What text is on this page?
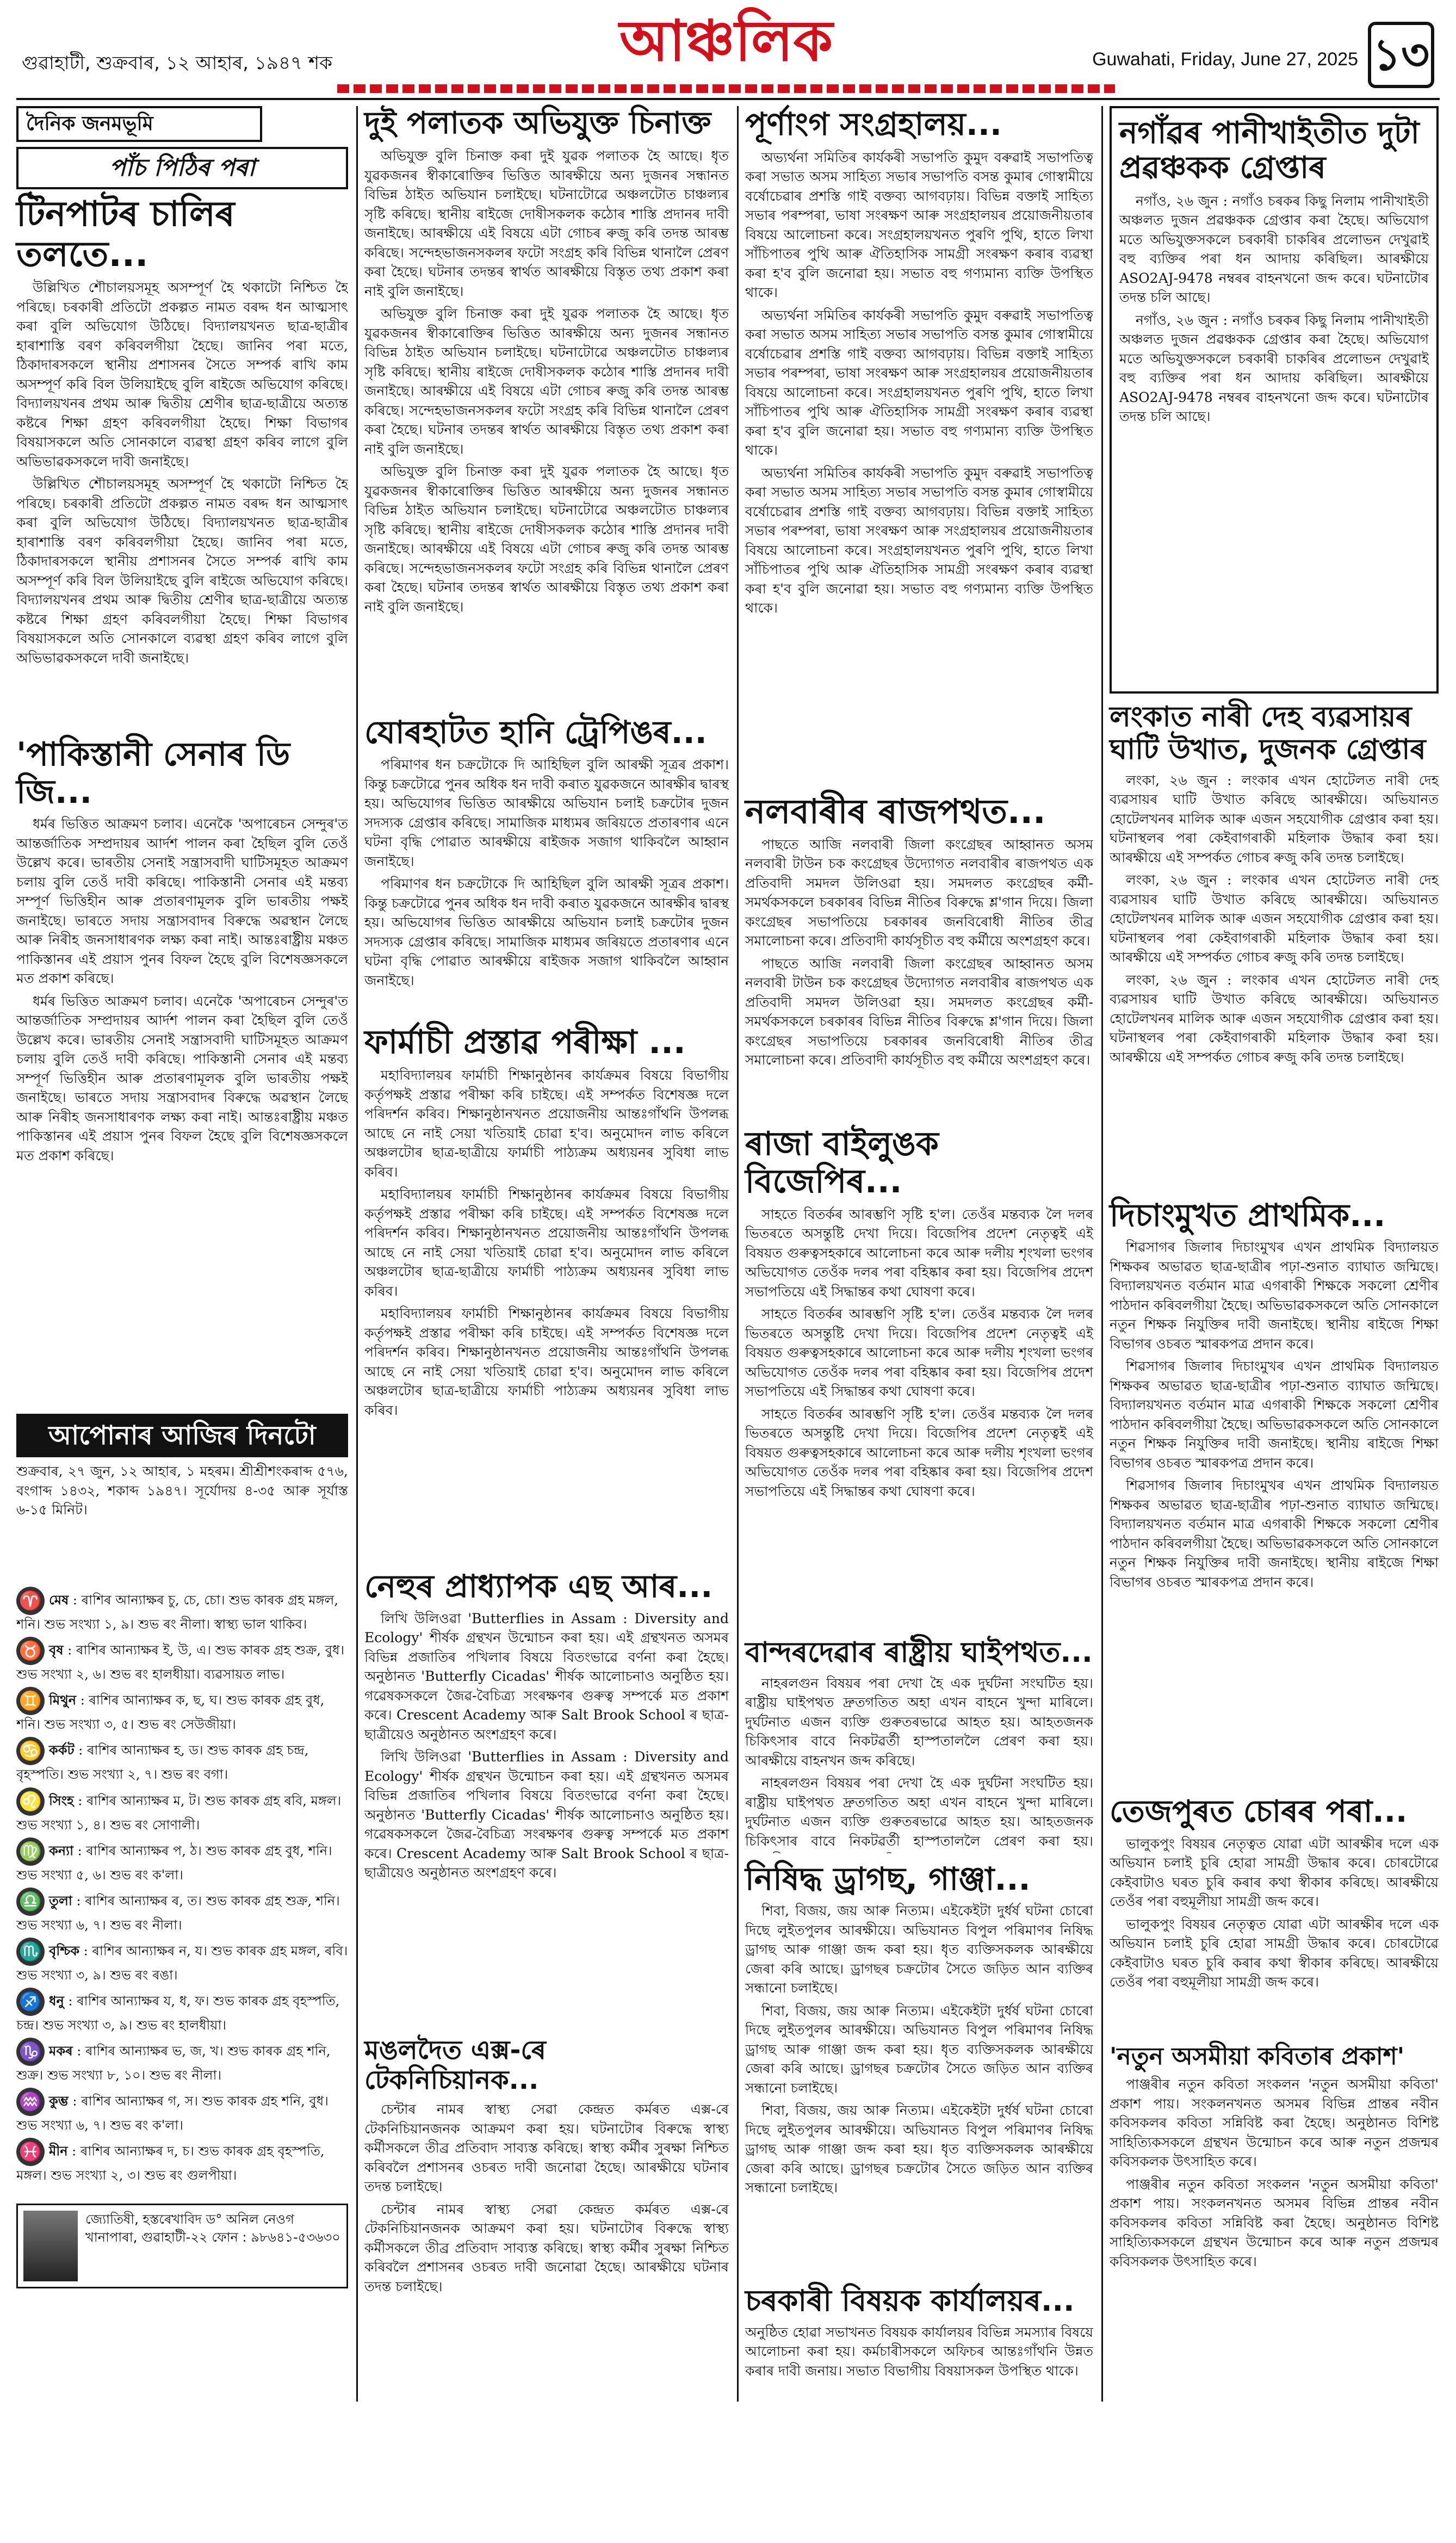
গুৱাহাটী, শুক্ৰবাৰ, ১২ আহাৰ, ১৯৪৭ শক	আঞ্চলিক	Guwahati, Friday, June 27, 2025 ১৩
দৈনিক জনমভূমি
পাঁচ পিঠিৰ পৰা
টিনপাটৰ চালিৰ তলতে...

উল্লিখিত শৌচালয়সমূহ অসম্পূৰ্ণ হৈ থকাটো নিশ্চিত হৈ পৰিছে। চৰকাৰী প্ৰতিটো প্ৰকল্পত নামত বৰদ্দ ধন আত্মসাৎ কৰা বুলি অভিযোগ উঠিছে। বিদ্যালয়খনত ছাত্ৰ-ছাত্ৰীৰ হাৰাশাস্তি বৰণ কৰিবলগীয়া হৈছে। জানিব পৰা মতে, ঠিকাদাৰসকলে স্থানীয় প্ৰশাসনৰ সৈতে সম্পৰ্ক ৰাখি কাম অসম্পূৰ্ণ কৰি বিল উলিয়াইছে বুলি ৰাইজে অভিযোগ কৰিছে। বিদ্যালয়খনৰ প্ৰথম আৰু দ্বিতীয় শ্ৰেণীৰ ছাত্ৰ-ছাত্ৰীয়ে অত্যন্ত কষ্টৰে শিক্ষা গ্ৰহণ কৰিবলগীয়া হৈছে। শিক্ষা বিভাগৰ বিষয়াসকলে অতি সোনকালে ব্যৱস্থা গ্ৰহণ কৰিব লাগে বুলি অভিভাৱকসকলে দাবী জনাইছে।

উল্লিখিত শৌচালয়সমূহ অসম্পূৰ্ণ হৈ থকাটো নিশ্চিত হৈ পৰিছে। চৰকাৰী প্ৰতিটো প্ৰকল্পত নামত বৰদ্দ ধন আত্মসাৎ কৰা বুলি অভিযোগ উঠিছে। বিদ্যালয়খনত ছাত্ৰ-ছাত্ৰীৰ হাৰাশাস্তি বৰণ কৰিবলগীয়া হৈছে। জানিব পৰা মতে, ঠিকাদাৰসকলে স্থানীয় প্ৰশাসনৰ সৈতে সম্পৰ্ক ৰাখি কাম অসম্পূৰ্ণ কৰি বিল উলিয়াইছে বুলি ৰাইজে অভিযোগ কৰিছে। বিদ্যালয়খনৰ প্ৰথম আৰু দ্বিতীয় শ্ৰেণীৰ ছাত্ৰ-ছাত্ৰীয়ে অত্যন্ত কষ্টৰে শিক্ষা গ্ৰহণ কৰিবলগীয়া হৈছে। শিক্ষা বিভাগৰ বিষয়াসকলে অতি সোনকালে ব্যৱস্থা গ্ৰহণ কৰিব লাগে বুলি অভিভাৱকসকলে দাবী জনাইছে।

'পাকিস্তানী সেনাৰ ডি জি...

ধৰ্মৰ ভিত্তিত আক্ৰমণ চলাব। এনেকৈ 'অপাৰেচন সেন্দুৰ'ত আন্তৰ্জাতিক সম্প্ৰদায়ৰ আৰ্দশ পালন কৰা হৈছিল বুলি তেওঁ উল্লেখ কৰে। ভাৰতীয় সেনাই সন্ত্ৰাসবাদী ঘাটিসমূহত আক্ৰমণ চলায় বুলি তেওঁ দাবী কৰিছে। পাকিস্তানী সেনাৰ এই মন্তব্য সম্পূৰ্ণ ভিত্তিহীন আৰু প্ৰতাৰণামূলক বুলি ভাৰতীয় পক্ষই জনাইছে। ভাৰতে সদায় সন্ত্ৰাসবাদৰ বিৰুদ্ধে অৱস্থান লৈছে আৰু নিৰীহ জনসাধাৰণক লক্ষ্য কৰা নাই। আন্তঃৰাষ্ট্ৰীয় মঞ্চত পাকিস্তানৰ এই প্ৰয়াস পুনৰ বিফল হৈছে বুলি বিশেষজ্ঞসকলে মত প্ৰকাশ কৰিছে।

ধৰ্মৰ ভিত্তিত আক্ৰমণ চলাব। এনেকৈ 'অপাৰেচন সেন্দুৰ'ত আন্তৰ্জাতিক সম্প্ৰদায়ৰ আৰ্দশ পালন কৰা হৈছিল বুলি তেওঁ উল্লেখ কৰে। ভাৰতীয় সেনাই সন্ত্ৰাসবাদী ঘাটিসমূহত আক্ৰমণ চলায় বুলি তেওঁ দাবী কৰিছে। পাকিস্তানী সেনাৰ এই মন্তব্য সম্পূৰ্ণ ভিত্তিহীন আৰু প্ৰতাৰণামূলক বুলি ভাৰতীয় পক্ষই জনাইছে। ভাৰতে সদায় সন্ত্ৰাসবাদৰ বিৰুদ্ধে অৱস্থান লৈছে আৰু নিৰীহ জনসাধাৰণক লক্ষ্য কৰা নাই। আন্তঃৰাষ্ট্ৰীয় মঞ্চত পাকিস্তানৰ এই প্ৰয়াস পুনৰ বিফল হৈছে বুলি বিশেষজ্ঞসকলে মত প্ৰকাশ কৰিছে।

আপোনাৰ আজিৰ দিনটো
শুক্ৰবাৰ, ২৭ জুন, ১২ আহাৰ, ১ মহৰম। শ্ৰীশ্ৰীশংকৰাব্দ ৫৭৬, বংগাব্দ ১৪৩২, শকাব্দ ১৯৪৭। সূৰ্যোদয় ৪-৩৫ আৰু সূৰ্যাস্ত ৬-১৫ মিনিট।
♈ মেষ : ৰাশিৰ আন্যাক্ষৰ চু, চে, চো। শুভ কাৰক গ্ৰহ মঙ্গল, শনি। শুভ সংখ্যা ১, ৯। শুভ ৰং নীলা। স্বাস্থ্য ভাল থাকিব।
♉ বৃষ : ৰাশিৰ আন্যাক্ষৰ ই, উ, এ। শুভ কাৰক গ্ৰহ শুক্ৰ, বুধ। শুভ সংখ্যা ২, ৬। শুভ ৰং হালধীয়া। ব্যৱসায়ত লাভ।
♊ মিথুন : ৰাশিৰ আন্যাক্ষৰ ক, ছ, ঘ। শুভ কাৰক গ্ৰহ বুধ, শনি। শুভ সংখ্যা ৩, ৫। শুভ ৰং সেউজীয়া।
♋ কৰ্কট : ৰাশিৰ আন্যাক্ষৰ হ, ড। শুভ কাৰক গ্ৰহ চন্দ্ৰ, বৃহস্পতি। শুভ সংখ্যা ২, ৭। শুভ ৰং বগা।
♌ সিংহ : ৰাশিৰ আন্যাক্ষৰ ম, ট। শুভ কাৰক গ্ৰহ ৰবি, মঙ্গল। শুভ সংখ্যা ১, ৪। শুভ ৰং সোণালী।
♍ কন্যা : ৰাশিৰ আন্যাক্ষৰ প, ঠ। শুভ কাৰক গ্ৰহ বুধ, শনি। শুভ সংখ্যা ৫, ৬। শুভ ৰং ক'লা।
♎ তুলা : ৰাশিৰ আন্যাক্ষৰ ৰ, ত। শুভ কাৰক গ্ৰহ শুক্ৰ, শনি। শুভ সংখ্যা ৬, ৭। শুভ ৰং নীলা।
♏ বৃশ্চিক : ৰাশিৰ আন্যাক্ষৰ ন, য। শুভ কাৰক গ্ৰহ মঙ্গল, ৰবি। শুভ সংখ্যা ৩, ৯। শুভ ৰং ৰঙা।
♐ ধনু : ৰাশিৰ আন্যাক্ষৰ য, ধ, ফ। শুভ কাৰক গ্ৰহ বৃহস্পতি, চন্দ্ৰ। শুভ সংখ্যা ৩, ৯। শুভ ৰং হালধীয়া।
♑ মকৰ : ৰাশিৰ আন্যাক্ষৰ ভ, জ, খ। শুভ কাৰক গ্ৰহ শনি, শুক্ৰ। শুভ সংখ্যা ৮, ১০। শুভ ৰং নীলা।
♒ কুম্ভ : ৰাশিৰ আন্যাক্ষৰ গ, স। শুভ কাৰক গ্ৰহ শনি, বুধ। শুভ সংখ্যা ৬, ৭। শুভ ৰং ক'লা।
♓ মীন : ৰাশিৰ আন্যাক্ষৰ দ, চ। শুভ কাৰক গ্ৰহ বৃহস্পতি, মঙ্গল। শুভ সংখ্যা ২, ৩। শুভ ৰং গুলপীয়া।
জ্যোতিষী, হস্তৰেখাবিদ ড° অনিল নেওগ খানাপাৰা, গুৱাহাটী-২২ ফোন : ৯৮৬৪১-৫৩৬৩০
দুই পলাতক অভিযুক্ত চিনাক্ত

অভিযুক্ত বুলি চিনাক্ত কৰা দুই যুৱক পলাতক হৈ আছে। ধৃত যুৱকজনৰ স্বীকাৰোক্তিৰ ভিত্তিত আৰক্ষীয়ে অন্য দুজনৰ সন্ধানত বিভিন্ন ঠাইত অভিযান চলাইছে। ঘটনাটোৱে অঞ্চলটোত চাঞ্চল্যৰ সৃষ্টি কৰিছে। স্থানীয় ৰাইজে দোষীসকলক কঠোৰ শাস্তি প্ৰদানৰ দাবী জনাইছে। আৰক্ষীয়ে এই বিষয়ে এটা গোচৰ ৰুজু কৰি তদন্ত আৰম্ভ কৰিছে। সন্দেহভাজনসকলৰ ফটো সংগ্ৰহ কৰি বিভিন্ন থানালৈ প্ৰেৰণ কৰা হৈছে। ঘটনাৰ তদন্তৰ স্বাৰ্থত আৰক্ষীয়ে বিস্তৃত তথ্য প্ৰকাশ কৰা নাই বুলি জনাইছে।

অভিযুক্ত বুলি চিনাক্ত কৰা দুই যুৱক পলাতক হৈ আছে। ধৃত যুৱকজনৰ স্বীকাৰোক্তিৰ ভিত্তিত আৰক্ষীয়ে অন্য দুজনৰ সন্ধানত বিভিন্ন ঠাইত অভিযান চলাইছে। ঘটনাটোৱে অঞ্চলটোত চাঞ্চল্যৰ সৃষ্টি কৰিছে। স্থানীয় ৰাইজে দোষীসকলক কঠোৰ শাস্তি প্ৰদানৰ দাবী জনাইছে। আৰক্ষীয়ে এই বিষয়ে এটা গোচৰ ৰুজু কৰি তদন্ত আৰম্ভ কৰিছে। সন্দেহভাজনসকলৰ ফটো সংগ্ৰহ কৰি বিভিন্ন থানালৈ প্ৰেৰণ কৰা হৈছে। ঘটনাৰ তদন্তৰ স্বাৰ্থত আৰক্ষীয়ে বিস্তৃত তথ্য প্ৰকাশ কৰা নাই বুলি জনাইছে।

অভিযুক্ত বুলি চিনাক্ত কৰা দুই যুৱক পলাতক হৈ আছে। ধৃত যুৱকজনৰ স্বীকাৰোক্তিৰ ভিত্তিত আৰক্ষীয়ে অন্য দুজনৰ সন্ধানত বিভিন্ন ঠাইত অভিযান চলাইছে। ঘটনাটোৱে অঞ্চলটোত চাঞ্চল্যৰ সৃষ্টি কৰিছে। স্থানীয় ৰাইজে দোষীসকলক কঠোৰ শাস্তি প্ৰদানৰ দাবী জনাইছে। আৰক্ষীয়ে এই বিষয়ে এটা গোচৰ ৰুজু কৰি তদন্ত আৰম্ভ কৰিছে। সন্দেহভাজনসকলৰ ফটো সংগ্ৰহ কৰি বিভিন্ন থানালৈ প্ৰেৰণ কৰা হৈছে। ঘটনাৰ তদন্তৰ স্বাৰ্থত আৰক্ষীয়ে বিস্তৃত তথ্য প্ৰকাশ কৰা নাই বুলি জনাইছে।

যোৰহাটত হানি ট্ৰেপিঙৰ...

পৰিমাণৰ ধন চক্ৰটোকে দি আহিছিল বুলি আৰক্ষী সূত্ৰৰ প্ৰকাশ। কিন্তু চক্ৰটোৱে পুনৰ অধিক ধন দাবী কৰাত যুৱকজনে আৰক্ষীৰ দ্বাৰস্থ হয়। অভিযোগৰ ভিত্তিত আৰক্ষীয়ে অভিযান চলাই চক্ৰটোৰ দুজন সদস্যক গ্ৰেপ্তাৰ কৰিছে। সামাজিক মাধ্যমৰ জৰিয়তে প্ৰতাৰণাৰ এনে ঘটনা বৃদ্ধি পোৱাত আৰক্ষীয়ে ৰাইজক সজাগ থাকিবলৈ আহ্বান জনাইছে।

পৰিমাণৰ ধন চক্ৰটোকে দি আহিছিল বুলি আৰক্ষী সূত্ৰৰ প্ৰকাশ। কিন্তু চক্ৰটোৱে পুনৰ অধিক ধন দাবী কৰাত যুৱকজনে আৰক্ষীৰ দ্বাৰস্থ হয়। অভিযোগৰ ভিত্তিত আৰক্ষীয়ে অভিযান চলাই চক্ৰটোৰ দুজন সদস্যক গ্ৰেপ্তাৰ কৰিছে। সামাজিক মাধ্যমৰ জৰিয়তে প্ৰতাৰণাৰ এনে ঘটনা বৃদ্ধি পোৱাত আৰক্ষীয়ে ৰাইজক সজাগ থাকিবলৈ আহ্বান জনাইছে।

ফাৰ্মাচী প্ৰস্তাৱ পৰীক্ষা ...

মহাবিদ্যালয়ৰ ফাৰ্মাচী শিক্ষানুষ্ঠানৰ কাৰ্যক্ৰমৰ বিষয়ে বিভাগীয় কৰ্তৃপক্ষই প্ৰস্তাৱ পৰীক্ষা কৰি চাইছে। এই সম্পৰ্কত বিশেষজ্ঞ দলে পৰিদৰ্শন কৰিব। শিক্ষানুষ্ঠানখনত প্ৰয়োজনীয় আন্তঃগাঁথনি উপলব্ধ আছে নে নাই সেয়া খতিয়াই চোৱা হ'ব। অনুমোদন লাভ কৰিলে অঞ্চলটোৰ ছাত্ৰ-ছাত্ৰীয়ে ফাৰ্মাচী পাঠ্যক্ৰম অধ্যয়নৰ সুবিধা লাভ কৰিব।

মহাবিদ্যালয়ৰ ফাৰ্মাচী শিক্ষানুষ্ঠানৰ কাৰ্যক্ৰমৰ বিষয়ে বিভাগীয় কৰ্তৃপক্ষই প্ৰস্তাৱ পৰীক্ষা কৰি চাইছে। এই সম্পৰ্কত বিশেষজ্ঞ দলে পৰিদৰ্শন কৰিব। শিক্ষানুষ্ঠানখনত প্ৰয়োজনীয় আন্তঃগাঁথনি উপলব্ধ আছে নে নাই সেয়া খতিয়াই চোৱা হ'ব। অনুমোদন লাভ কৰিলে অঞ্চলটোৰ ছাত্ৰ-ছাত্ৰীয়ে ফাৰ্মাচী পাঠ্যক্ৰম অধ্যয়নৰ সুবিধা লাভ কৰিব।

মহাবিদ্যালয়ৰ ফাৰ্মাচী শিক্ষানুষ্ঠানৰ কাৰ্যক্ৰমৰ বিষয়ে বিভাগীয় কৰ্তৃপক্ষই প্ৰস্তাৱ পৰীক্ষা কৰি চাইছে। এই সম্পৰ্কত বিশেষজ্ঞ দলে পৰিদৰ্শন কৰিব। শিক্ষানুষ্ঠানখনত প্ৰয়োজনীয় আন্তঃগাঁথনি উপলব্ধ আছে নে নাই সেয়া খতিয়াই চোৱা হ'ব। অনুমোদন লাভ কৰিলে অঞ্চলটোৰ ছাত্ৰ-ছাত্ৰীয়ে ফাৰ্মাচী পাঠ্যক্ৰম অধ্যয়নৰ সুবিধা লাভ কৰিব।

নেহুৰ প্ৰাধ্যাপক এছ আৰ...

লিখি উলিওৱা 'Butterflies in Assam : Diversity and Ecology' শীৰ্ষক গ্ৰন্থখন উন্মোচন কৰা হয়। এই গ্ৰন্থখনত অসমৰ বিভিন্ন প্ৰজাতিৰ পখিলাৰ বিষয়ে বিতংভাৱে বৰ্ণনা কৰা হৈছে। অনুষ্ঠানত 'Butterfly Cicadas' শীৰ্ষক আলোচনাও অনুষ্ঠিত হয়। গৱেষকসকলে জৈৱ-বৈচিত্ৰ্য সংৰক্ষণৰ গুৰুত্ব সম্পৰ্কে মত প্ৰকাশ কৰে। Crescent Academy আৰু Salt Brook School ৰ ছাত্ৰ-ছাত্ৰীয়েও অনুষ্ঠানত অংশগ্ৰহণ কৰে।

লিখি উলিওৱা 'Butterflies in Assam : Diversity and Ecology' শীৰ্ষক গ্ৰন্থখন উন্মোচন কৰা হয়। এই গ্ৰন্থখনত অসমৰ বিভিন্ন প্ৰজাতিৰ পখিলাৰ বিষয়ে বিতংভাৱে বৰ্ণনা কৰা হৈছে। অনুষ্ঠানত 'Butterfly Cicadas' শীৰ্ষক আলোচনাও অনুষ্ঠিত হয়। গৱেষকসকলে জৈৱ-বৈচিত্ৰ্য সংৰক্ষণৰ গুৰুত্ব সম্পৰ্কে মত প্ৰকাশ কৰে। Crescent Academy আৰু Salt Brook School ৰ ছাত্ৰ-ছাত্ৰীয়েও অনুষ্ঠানত অংশগ্ৰহণ কৰে।

মঙলদৈত এক্স-ৰে টেকনিচিয়ানক...

চেন্টাৰ নামৰ স্বাস্থ্য সেৱা কেন্দ্ৰত কৰ্মৰত এক্স-ৰে টেকনিচিয়ানজনক আক্ৰমণ কৰা হয়। ঘটনাটোৰ বিৰুদ্ধে স্বাস্থ্য কৰ্মীসকলে তীব্ৰ প্ৰতিবাদ সাব্যস্ত কৰিছে। স্বাস্থ্য কৰ্মীৰ সুৰক্ষা নিশ্চিত কৰিবলৈ প্ৰশাসনৰ ওচৰত দাবী জনোৱা হৈছে। আৰক্ষীয়ে ঘটনাৰ তদন্ত চলাইছে।

চেন্টাৰ নামৰ স্বাস্থ্য সেৱা কেন্দ্ৰত কৰ্মৰত এক্স-ৰে টেকনিচিয়ানজনক আক্ৰমণ কৰা হয়। ঘটনাটোৰ বিৰুদ্ধে স্বাস্থ্য কৰ্মীসকলে তীব্ৰ প্ৰতিবাদ সাব্যস্ত কৰিছে। স্বাস্থ্য কৰ্মীৰ সুৰক্ষা নিশ্চিত কৰিবলৈ প্ৰশাসনৰ ওচৰত দাবী জনোৱা হৈছে। আৰক্ষীয়ে ঘটনাৰ তদন্ত চলাইছে।

পূৰ্ণাংগ সংগ্ৰহালয়...

অভ্যৰ্থনা সমিতিৰ কাৰ্যকৰী সভাপতি কুমুদ বৰুৱাই সভাপতিত্ব কৰা সভাত অসম সাহিত্য সভাৰ সভাপতি বসন্ত কুমাৰ গোস্বামীয়ে বৰ্ষোচেৱাৰ প্ৰশস্তি গাই বক্তব্য আগবঢ়ায়। বিভিন্ন বক্তাই সাহিত্য সভাৰ পৰম্পৰা, ভাষা সংৰক্ষণ আৰু সংগ্ৰহালয়ৰ প্ৰয়োজনীয়তাৰ বিষয়ে আলোচনা কৰে। সংগ্ৰহালয়খনত পুৰণি পুথি, হাতে লিখা সাঁচিপাতৰ পুথি আৰু ঐতিহাসিক সামগ্ৰী সংৰক্ষণ কৰাৰ ব্যৱস্থা কৰা হ'ব বুলি জনোৱা হয়। সভাত বহু গণ্যমান্য ব্যক্তি উপস্থিত থাকে।

অভ্যৰ্থনা সমিতিৰ কাৰ্যকৰী সভাপতি কুমুদ বৰুৱাই সভাপতিত্ব কৰা সভাত অসম সাহিত্য সভাৰ সভাপতি বসন্ত কুমাৰ গোস্বামীয়ে বৰ্ষোচেৱাৰ প্ৰশস্তি গাই বক্তব্য আগবঢ়ায়। বিভিন্ন বক্তাই সাহিত্য সভাৰ পৰম্পৰা, ভাষা সংৰক্ষণ আৰু সংগ্ৰহালয়ৰ প্ৰয়োজনীয়তাৰ বিষয়ে আলোচনা কৰে। সংগ্ৰহালয়খনত পুৰণি পুথি, হাতে লিখা সাঁচিপাতৰ পুথি আৰু ঐতিহাসিক সামগ্ৰী সংৰক্ষণ কৰাৰ ব্যৱস্থা কৰা হ'ব বুলি জনোৱা হয়। সভাত বহু গণ্যমান্য ব্যক্তি উপস্থিত থাকে।

অভ্যৰ্থনা সমিতিৰ কাৰ্যকৰী সভাপতি কুমুদ বৰুৱাই সভাপতিত্ব কৰা সভাত অসম সাহিত্য সভাৰ সভাপতি বসন্ত কুমাৰ গোস্বামীয়ে বৰ্ষোচেৱাৰ প্ৰশস্তি গাই বক্তব্য আগবঢ়ায়। বিভিন্ন বক্তাই সাহিত্য সভাৰ পৰম্পৰা, ভাষা সংৰক্ষণ আৰু সংগ্ৰহালয়ৰ প্ৰয়োজনীয়তাৰ বিষয়ে আলোচনা কৰে। সংগ্ৰহালয়খনত পুৰণি পুথি, হাতে লিখা সাঁচিপাতৰ পুথি আৰু ঐতিহাসিক সামগ্ৰী সংৰক্ষণ কৰাৰ ব্যৱস্থা কৰা হ'ব বুলি জনোৱা হয়। সভাত বহু গণ্যমান্য ব্যক্তি উপস্থিত থাকে।

নলবাৰীৰ ৰাজপথত...

পাছতে আজি নলবাৰী জিলা কংগ্ৰেছৰ আহ্বানত অসম নলবাৰী টাউন চক কংগ্ৰেছৰ উদ্যোগত নলবাৰীৰ ৰাজপথত এক প্ৰতিবাদী সমদল উলিওৱা হয়। সমদলত কংগ্ৰেছৰ কৰ্মী-সমৰ্থকসকলে চৰকাৰৰ বিভিন্ন নীতিৰ বিৰুদ্ধে শ্ল'গান দিয়ে। জিলা কংগ্ৰেছৰ সভাপতিয়ে চৰকাৰৰ জনবিৰোধী নীতিৰ তীব্ৰ সমালোচনা কৰে। প্ৰতিবাদী কাৰ্যসূচীত বহু কৰ্মীয়ে অংশগ্ৰহণ কৰে।

পাছতে আজি নলবাৰী জিলা কংগ্ৰেছৰ আহ্বানত অসম নলবাৰী টাউন চক কংগ্ৰেছৰ উদ্যোগত নলবাৰীৰ ৰাজপথত এক প্ৰতিবাদী সমদল উলিওৱা হয়। সমদলত কংগ্ৰেছৰ কৰ্মী-সমৰ্থকসকলে চৰকাৰৰ বিভিন্ন নীতিৰ বিৰুদ্ধে শ্ল'গান দিয়ে। জিলা কংগ্ৰেছৰ সভাপতিয়ে চৰকাৰৰ জনবিৰোধী নীতিৰ তীব্ৰ সমালোচনা কৰে। প্ৰতিবাদী কাৰ্যসূচীত বহু কৰ্মীয়ে অংশগ্ৰহণ কৰে।

ৰাজা বাইলুঙক বিজেপিৰ...

সাহতে বিতৰ্কৰ আৰম্ভণি সৃষ্টি হ'ল। তেওঁৰ মন্তব্যক লৈ দলৰ ভিতৰতে অসন্তুষ্টি দেখা দিয়ে। বিজেপিৰ প্ৰদেশ নেতৃত্বই এই বিষয়ত গুৰুত্বসহকাৰে আলোচনা কৰে আৰু দলীয় শৃংখলা ভংগৰ অভিযোগত তেওঁক দলৰ পৰা বহিষ্কাৰ কৰা হয়। বিজেপিৰ প্ৰদেশ সভাপতিয়ে এই সিদ্ধান্তৰ কথা ঘোষণা কৰে।

সাহতে বিতৰ্কৰ আৰম্ভণি সৃষ্টি হ'ল। তেওঁৰ মন্তব্যক লৈ দলৰ ভিতৰতে অসন্তুষ্টি দেখা দিয়ে। বিজেপিৰ প্ৰদেশ নেতৃত্বই এই বিষয়ত গুৰুত্বসহকাৰে আলোচনা কৰে আৰু দলীয় শৃংখলা ভংগৰ অভিযোগত তেওঁক দলৰ পৰা বহিষ্কাৰ কৰা হয়। বিজেপিৰ প্ৰদেশ সভাপতিয়ে এই সিদ্ধান্তৰ কথা ঘোষণা কৰে।

সাহতে বিতৰ্কৰ আৰম্ভণি সৃষ্টি হ'ল। তেওঁৰ মন্তব্যক লৈ দলৰ ভিতৰতে অসন্তুষ্টি দেখা দিয়ে। বিজেপিৰ প্ৰদেশ নেতৃত্বই এই বিষয়ত গুৰুত্বসহকাৰে আলোচনা কৰে আৰু দলীয় শৃংখলা ভংগৰ অভিযোগত তেওঁক দলৰ পৰা বহিষ্কাৰ কৰা হয়। বিজেপিৰ প্ৰদেশ সভাপতিয়ে এই সিদ্ধান্তৰ কথা ঘোষণা কৰে।

বান্দৰদেৱাৰ ৰাষ্ট্ৰীয় ঘাইপথত...

নাহৰলগুন বিষয়ৰ পৰা দেখা হৈ এক দুৰ্ঘটনা সংঘটিত হয়। ৰাষ্ট্ৰীয় ঘাইপথত দ্ৰুতগতিত অহা এখন বাহনে খুন্দা মাৰিলে। দুৰ্ঘটনাত এজন ব্যক্তি গুৰুতৰভাৱে আহত হয়। আহতজনক চিকিৎসাৰ বাবে নিকটৱৰ্তী হাস্পতাললৈ প্ৰেৰণ কৰা হয়। আৰক্ষীয়ে বাহনখন জব্দ কৰিছে।

নাহৰলগুন বিষয়ৰ পৰা দেখা হৈ এক দুৰ্ঘটনা সংঘটিত হয়। ৰাষ্ট্ৰীয় ঘাইপথত দ্ৰুতগতিত অহা এখন বাহনে খুন্দা মাৰিলে। দুৰ্ঘটনাত এজন ব্যক্তি গুৰুতৰভাৱে আহত হয়। আহতজনক চিকিৎসাৰ বাবে নিকটৱৰ্তী হাস্পতাললৈ প্ৰেৰণ কৰা হয়।

নিষিদ্ধ ড্ৰাগছ, গাঞ্জা...

শিবা, বিজয়, জয় আৰু নিত্যম। এইকেইটা দুৰ্ধৰ্ষ ঘটনা চোৰো দিছে লুইতপুলৰ আৰক্ষীয়ে। অভিযানত বিপুল পৰিমাণৰ নিষিদ্ধ ড্ৰাগছ আৰু গাঞ্জা জব্দ কৰা হয়। ধৃত ব্যক্তিসকলক আৰক্ষীয়ে জেৰা কৰি আছে। ড্ৰাগছৰ চক্ৰটোৰ সৈতে জড়িত আন ব্যক্তিৰ সন্ধানো চলাইছে।

শিবা, বিজয়, জয় আৰু নিত্যম। এইকেইটা দুৰ্ধৰ্ষ ঘটনা চোৰো দিছে লুইতপুলৰ আৰক্ষীয়ে। অভিযানত বিপুল পৰিমাণৰ নিষিদ্ধ ড্ৰাগছ আৰু গাঞ্জা জব্দ কৰা হয়। ধৃত ব্যক্তিসকলক আৰক্ষীয়ে জেৰা কৰি আছে। ড্ৰাগছৰ চক্ৰটোৰ সৈতে জড়িত আন ব্যক্তিৰ সন্ধানো চলাইছে।

শিবা, বিজয়, জয় আৰু নিত্যম। এইকেইটা দুৰ্ধৰ্ষ ঘটনা চোৰো দিছে লুইতপুলৰ আৰক্ষীয়ে। অভিযানত বিপুল পৰিমাণৰ নিষিদ্ধ ড্ৰাগছ আৰু গাঞ্জা জব্দ কৰা হয়। ধৃত ব্যক্তিসকলক আৰক্ষীয়ে জেৰা কৰি আছে। ড্ৰাগছৰ চক্ৰটোৰ সৈতে জড়িত আন ব্যক্তিৰ সন্ধানো চলাইছে।

চৰকাৰী বিষয়ক কাৰ্যালয়ৰ...
অনুষ্ঠিত হোৱা সভাখনত বিষয়ক কাৰ্যালয়ৰ বিভিন্ন সমস্যাৰ বিষয়ে আলোচনা কৰা হয়। কৰ্মচাৰীসকলে অফিচৰ আন্তঃগাঁথনি উন্নত কৰাৰ দাবী জনায়। সভাত বিভাগীয় বিষয়াসকল উপস্থিত থাকে।
নগাঁৱৰ পানীখাইতীত দুটা প্ৰৱঞ্চকক গ্ৰেপ্তাৰ

নগাঁও, ২৬ জুন : নগাঁও চৰকৰ কিছু নিলাম পানীখাইতী অঞ্চলত দুজন প্ৰৱঞ্চকক গ্ৰেপ্তাৰ কৰা হৈছে। অভিযোগ মতে অভিযুক্তসকলে চৰকাৰী চাকৰিৰ প্ৰলোভন দেখুৱাই বহু ব্যক্তিৰ পৰা ধন আদায় কৰিছিল। আৰক্ষীয়ে ASO2AJ-9478 নম্বৰৰ বাহনখনো জব্দ কৰে। ঘটনাটোৰ তদন্ত চলি আছে।

নগাঁও, ২৬ জুন : নগাঁও চৰকৰ কিছু নিলাম পানীখাইতী অঞ্চলত দুজন প্ৰৱঞ্চকক গ্ৰেপ্তাৰ কৰা হৈছে। অভিযোগ মতে অভিযুক্তসকলে চৰকাৰী চাকৰিৰ প্ৰলোভন দেখুৱাই বহু ব্যক্তিৰ পৰা ধন আদায় কৰিছিল। আৰক্ষীয়ে ASO2AJ-9478 নম্বৰৰ বাহনখনো জব্দ কৰে। ঘটনাটোৰ তদন্ত চলি আছে।

লংকাত নাৰী দেহ ব্যৱসায়ৰ ঘাটি উখাত, দুজনক গ্ৰেপ্তাৰ

লংকা, ২৬ জুন : লংকাৰ এখন হোটেলত নাৰী দেহ ব্যৱসায়ৰ ঘাটি উখাত কৰিছে আৰক্ষীয়ে। অভিযানত হোটেলখনৰ মালিক আৰু এজন সহযোগীক গ্ৰেপ্তাৰ কৰা হয়। ঘটনাস্থলৰ পৰা কেইবাগৰাকী মহিলাক উদ্ধাৰ কৰা হয়। আৰক্ষীয়ে এই সম্পৰ্কত গোচৰ ৰুজু কৰি তদন্ত চলাইছে।

লংকা, ২৬ জুন : লংকাৰ এখন হোটেলত নাৰী দেহ ব্যৱসায়ৰ ঘাটি উখাত কৰিছে আৰক্ষীয়ে। অভিযানত হোটেলখনৰ মালিক আৰু এজন সহযোগীক গ্ৰেপ্তাৰ কৰা হয়। ঘটনাস্থলৰ পৰা কেইবাগৰাকী মহিলাক উদ্ধাৰ কৰা হয়। আৰক্ষীয়ে এই সম্পৰ্কত গোচৰ ৰুজু কৰি তদন্ত চলাইছে।

লংকা, ২৬ জুন : লংকাৰ এখন হোটেলত নাৰী দেহ ব্যৱসায়ৰ ঘাটি উখাত কৰিছে আৰক্ষীয়ে। অভিযানত হোটেলখনৰ মালিক আৰু এজন সহযোগীক গ্ৰেপ্তাৰ কৰা হয়। ঘটনাস্থলৰ পৰা কেইবাগৰাকী মহিলাক উদ্ধাৰ কৰা হয়। আৰক্ষীয়ে এই সম্পৰ্কত গোচৰ ৰুজু কৰি তদন্ত চলাইছে।

দিচাংমুখত প্ৰাথমিক...

শিৱসাগৰ জিলাৰ দিচাংমুখৰ এখন প্ৰাথমিক বিদ্যালয়ত শিক্ষকৰ অভাৱত ছাত্ৰ-ছাত্ৰীৰ পঢ়া-শুনাত ব্যাঘাত জন্মিছে। বিদ্যালয়খনত বৰ্তমান মাত্ৰ এগৰাকী শিক্ষকে সকলো শ্ৰেণীৰ পাঠদান কৰিবলগীয়া হৈছে। অভিভাৱকসকলে অতি সোনকালে নতুন শিক্ষক নিযুক্তিৰ দাবী জনাইছে। স্থানীয় ৰাইজে শিক্ষা বিভাগৰ ওচৰত স্মাৰকপত্ৰ প্ৰদান কৰে।

শিৱসাগৰ জিলাৰ দিচাংমুখৰ এখন প্ৰাথমিক বিদ্যালয়ত শিক্ষকৰ অভাৱত ছাত্ৰ-ছাত্ৰীৰ পঢ়া-শুনাত ব্যাঘাত জন্মিছে। বিদ্যালয়খনত বৰ্তমান মাত্ৰ এগৰাকী শিক্ষকে সকলো শ্ৰেণীৰ পাঠদান কৰিবলগীয়া হৈছে। অভিভাৱকসকলে অতি সোনকালে নতুন শিক্ষক নিযুক্তিৰ দাবী জনাইছে। স্থানীয় ৰাইজে শিক্ষা বিভাগৰ ওচৰত স্মাৰকপত্ৰ প্ৰদান কৰে।

শিৱসাগৰ জিলাৰ দিচাংমুখৰ এখন প্ৰাথমিক বিদ্যালয়ত শিক্ষকৰ অভাৱত ছাত্ৰ-ছাত্ৰীৰ পঢ়া-শুনাত ব্যাঘাত জন্মিছে। বিদ্যালয়খনত বৰ্তমান মাত্ৰ এগৰাকী শিক্ষকে সকলো শ্ৰেণীৰ পাঠদান কৰিবলগীয়া হৈছে। অভিভাৱকসকলে অতি সোনকালে নতুন শিক্ষক নিযুক্তিৰ দাবী জনাইছে। স্থানীয় ৰাইজে শিক্ষা বিভাগৰ ওচৰত স্মাৰকপত্ৰ প্ৰদান কৰে।

তেজপুৰত চোৰৰ পৰা...

ভালুকপুং বিষয়ৰ নেতৃত্বত যোৱা এটা আৰক্ষীৰ দলে এক অভিযান চলাই চুৰি হোৱা সামগ্ৰী উদ্ধাৰ কৰে। চোৰটোৱে কেইবাটাও ঘৰত চুৰি কৰাৰ কথা স্বীকাৰ কৰিছে। আৰক্ষীয়ে তেওঁৰ পৰা বহুমূলীয়া সামগ্ৰী জব্দ কৰে।

ভালুকপুং বিষয়ৰ নেতৃত্বত যোৱা এটা আৰক্ষীৰ দলে এক অভিযান চলাই চুৰি হোৱা সামগ্ৰী উদ্ধাৰ কৰে। চোৰটোৱে কেইবাটাও ঘৰত চুৰি কৰাৰ কথা স্বীকাৰ কৰিছে। আৰক্ষীয়ে তেওঁৰ পৰা বহুমূলীয়া সামগ্ৰী জব্দ কৰে।

'নতুন অসমীয়া কবিতাৰ প্ৰকাশ'

পাঞ্জৰীৰ নতুন কবিতা সংকলন 'নতুন অসমীয়া কবিতা' প্ৰকাশ পায়। সংকলনখনত অসমৰ বিভিন্ন প্ৰান্তৰ নবীন কবিসকলৰ কবিতা সন্নিবিষ্ট কৰা হৈছে। অনুষ্ঠানত বিশিষ্ট সাহিত্যিকসকলে গ্ৰন্থখন উন্মোচন কৰে আৰু নতুন প্ৰজন্মৰ কবিসকলক উৎসাহিত কৰে।

পাঞ্জৰীৰ নতুন কবিতা সংকলন 'নতুন অসমীয়া কবিতা' প্ৰকাশ পায়। সংকলনখনত অসমৰ বিভিন্ন প্ৰান্তৰ নবীন কবিসকলৰ কবিতা সন্নিবিষ্ট কৰা হৈছে। অনুষ্ঠানত বিশিষ্ট সাহিত্যিকসকলে গ্ৰন্থখন উন্মোচন কৰে আৰু নতুন প্ৰজন্মৰ কবিসকলক উৎসাহিত কৰে।
